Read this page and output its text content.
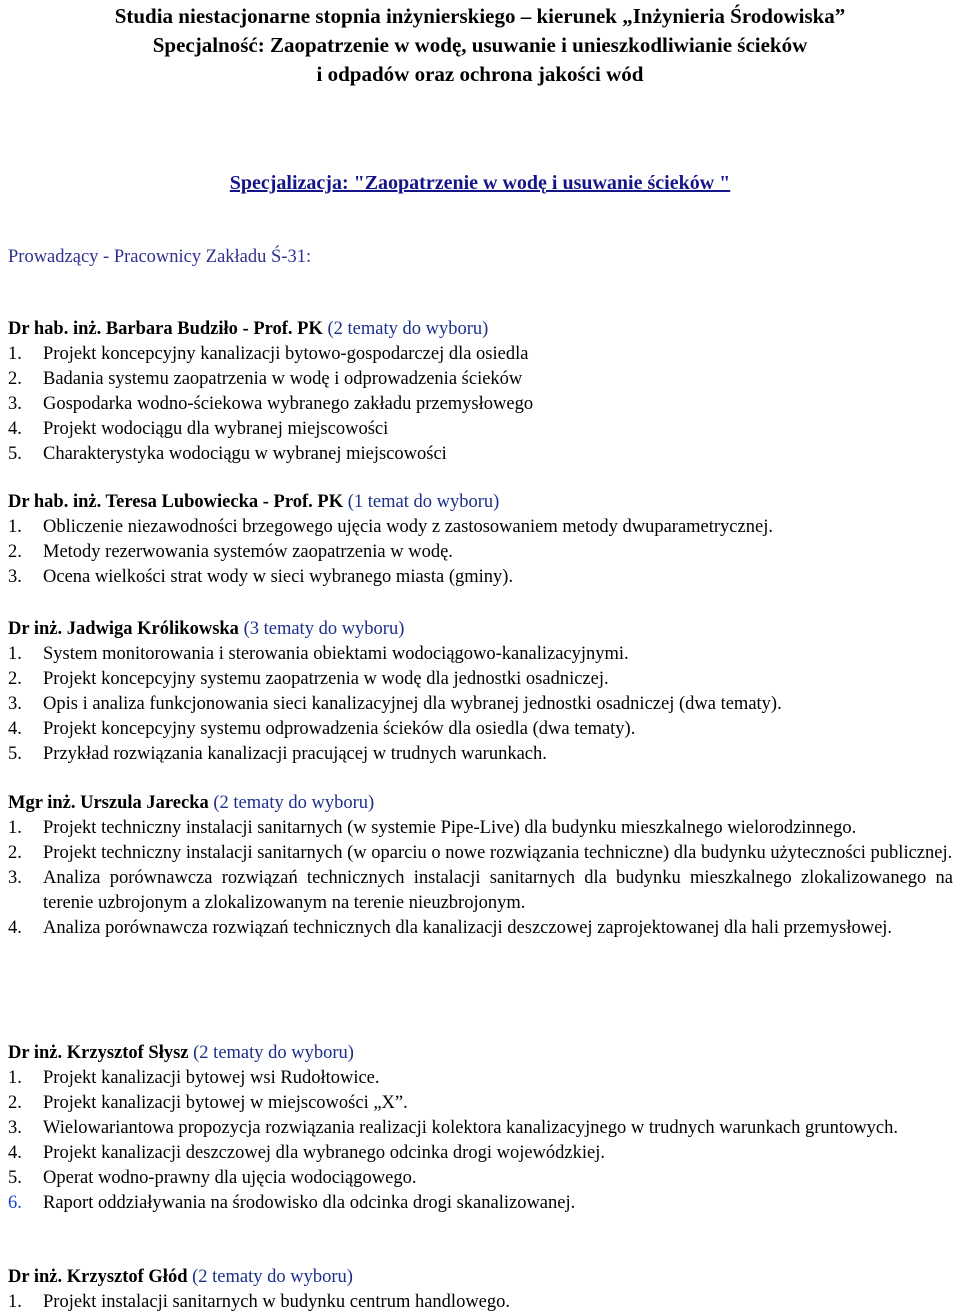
Studia niestacjonarne stopnia inżynierskiego – kierunek „Inżynieria Środowiska”
Specjalność: Zaopatrzenie w wodę, usuwanie i unieszkodliwianie ścieków
i odpadów oraz ochrona jakości wód
Specjalizacja: "Zaopatrzenie w wodę i usuwanie ścieków "
Prowadzący - Pracownicy Zakładu Ś-31:
Dr hab. inż. Barbara Budziło - Prof. PK (2 tematy do wyboru)
1. Projekt koncepcyjny kanalizacji bytowo-gospodarczej dla osiedla
2. Badania systemu zaopatrzenia w wodę i odprowadzenia ścieków
3. Gospodarka wodno-ściekowa wybranego zakładu przemysłowego
4. Projekt wodociągu dla wybranej miejscowości
5. Charakterystyka wodociągu w wybranej miejscowości
Dr hab. inż. Teresa Lubowiecka - Prof. PK (1 temat do wyboru)
1. Obliczenie niezawodności brzegowego ujęcia wody z zastosowaniem metody dwuparametrycznej.
2. Metody rezerwowania systemów zaopatrzenia w wodę.
3. Ocena wielkości strat wody w sieci wybranego miasta (gminy).
Dr inż. Jadwiga Królikowska (3 tematy do wyboru)
1. System monitorowania i sterowania obiektami wodociągowo-kanalizacyjnymi.
2. Projekt koncepcyjny systemu zaopatrzenia w wodę dla jednostki osadniczej.
3. Opis i analiza funkcjonowania sieci kanalizacyjnej dla wybranej jednostki osadniczej (dwa tematy).
4. Projekt koncepcyjny systemu odprowadzenia ścieków dla osiedla (dwa tematy).
5. Przykład rozwiązania kanalizacji pracującej w trudnych warunkach.
Mgr inż. Urszula Jarecka (2 tematy do wyboru)
1. Projekt techniczny instalacji sanitarnych (w systemie Pipe-Live) dla budynku mieszkalnego wielorodzinnego.
2. Projekt techniczny instalacji sanitarnych (w oparciu o nowe rozwiązania techniczne) dla budynku użyteczności publicznej.
3. Analiza porównawcza rozwiązań technicznych instalacji sanitarnych dla budynku mieszkalnego zlokalizowanego na terenie uzbrojonym a zlokalizowanym na terenie nieuzbrojonym.
4. Analiza porównawcza rozwiązań technicznych dla kanalizacji deszczowej zaprojektowanej dla hali przemysłowej.
Dr inż. Krzysztof Słysz (2 tematy do wyboru)
1. Projekt kanalizacji bytowej wsi Rudołtowice.
2. Projekt kanalizacji bytowej w miejscowości „X”.
3. Wielowariantowa propozycja rozwiązania realizacji kolektora kanalizacyjnego w trudnych warunkach gruntowych.
4. Projekt kanalizacji deszczowej dla wybranego odcinka drogi wojewódzkiej.
5. Operat wodno-prawny dla ujęcia wodociągowego.
6. Raport oddziaływania na środowisko dla odcinka drogi skanalizowanej.
Dr inż. Krzysztof Głód (2 tematy do wyboru)
1. Projekt instalacji sanitarnych w budynku centrum handlowego.
